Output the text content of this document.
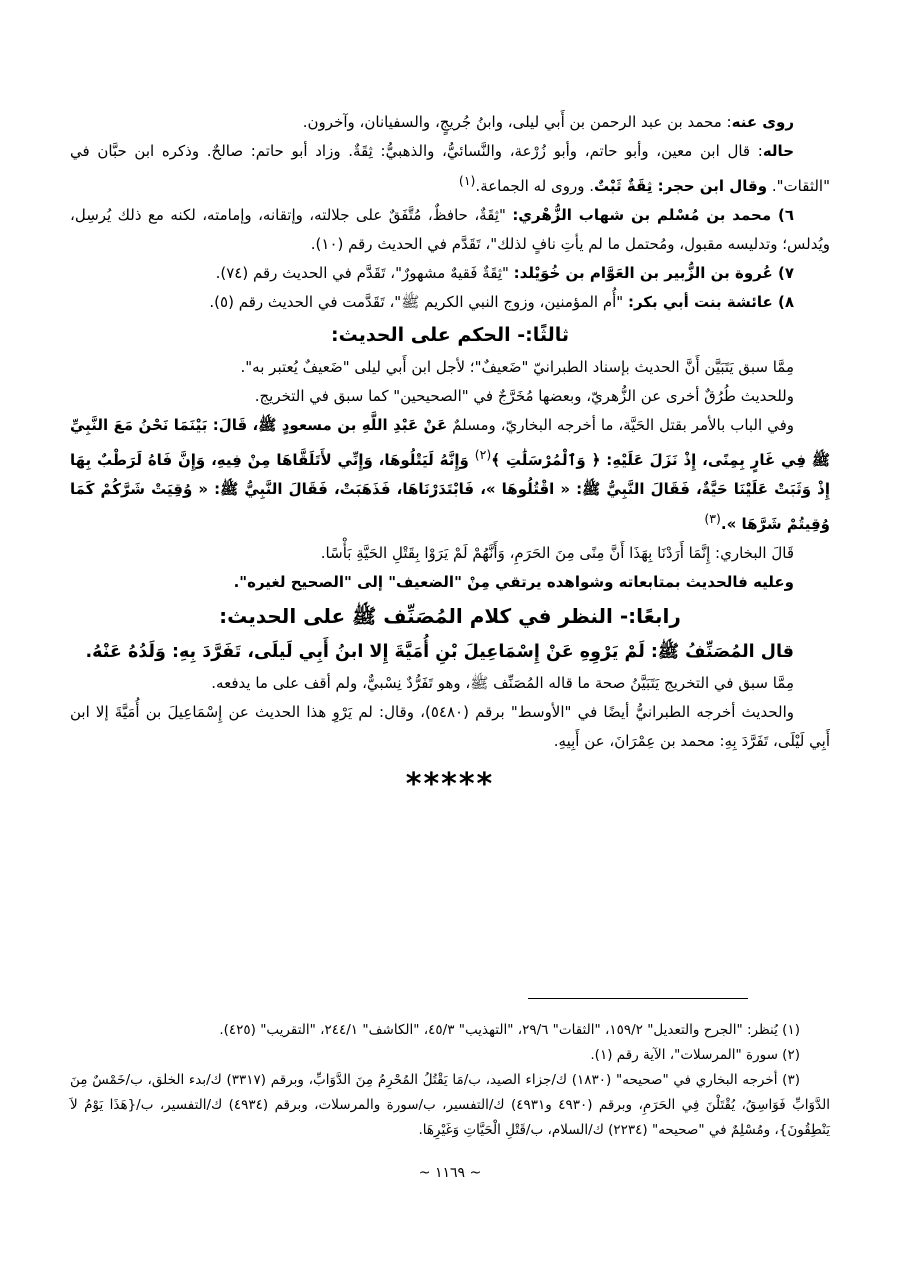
روى عنه: محمد بن عبد الرحمن بن أَبي ليلى، وابنُ جُريجٍ، والسفيانان، وآخرون.

حاله: قال ابن معين، وأبو حاتم، وأبو زُرْعة، والنَّسائيُّ، والذهبيُّ: ثِقَةٌ. وزاد أبو حاتم: صالحٌ. وذكره ابن حبَّان في "الثقات". وقال ابن حجر: ثِقَةٌ ثَبْتٌ. وروى له الجماعة.$^{(١)}$

٦) محمد بن مُسْلم بن شهاب الزُّهْري: "ثِقَةٌ، حافظٌ، مُتَّفَقٌ على جلالته، وإتقانه، وإمامته، لكنه مع ذلك يُرسِل، ويُدلس؛ وتدليسه مقبول، ومُحتمل ما لم يأتِ نافٍ لذلك"، تَقَدَّم في الحديث رقم (١٠).

٧) عُروة بن الزُّبير بن العَوَّام بن خُوَيْلد: "ثِقَةٌ فَقيهٌ مشهورٌ"، تَقَدَّم في الحديث رقم (٧٤).

٨) عائشة بنت أبي بكر: "أُم المؤمنين، وزوج النبي الكريم ﷺ"، تَقَدَّمت في الحديث رقم (٥).

ثالثًا:- الحكم على الحديث:

مِمَّا سبق يَتَبَيَّن أَنَّ الحديث بإسناد الطبرانيّ "ضَعيفٌ"؛ لأجل ابن أَبي ليلى "ضَعيفٌ يُعتبر به".

وللحديث طُرُقٌ أخرى عن الزُّهريّ، وبعضها مُخَرَّجٌ في "الصحيحين" كما سبق في التخريج.

وفي الباب بالأمر بقتل الحَيَّة، ما أخرجه البخاريّ، ومسلمٌ عَنْ عَبْدِ اللَّهِ بن مسعودٍ ﷺ، قَالَ: بَيْنَمَا نَحْنُ مَعَ النَّبِيِّ ﷺ فِي غَارٍ بِمِنًى، إِذْ نَزَلَ عَلَيْهِ: ﴿ وَٱلْمُرْسَلَٰتِ ﴾$^{(٢)}$ وَإِنَّهُ لَيَتْلُوهَا، وَإِنِّي لأَتَلَقَّاهَا مِنْ فِيهِ، وَإِنَّ فَاهُ لَرَطْبٌ بِهَا إِذْ وَثَبَتْ عَلَيْنَا حَيَّةٌ، فَقَالَ النَّبِيُّ ﷺ: « اقْتُلُوهَا »، فَابْتَدَرْنَاهَا، فَذَهَبَتْ، فَقَالَ النَّبِيُّ ﷺ: « وُقِيَتْ شَرَّكُمْ كَمَا وُقِيتُمْ شَرَّهَا ».$^{(٣)}$

قَالَ البخاري: إِنَّمَا أَرَدْنَا بِهَذَا أَنَّ مِنًى مِنَ الحَرَمِ، وَأَنَّهُمْ لَمْ يَرَوْا بِقَتْلِ الحَيَّةِ بَأْسًا.

وعليه فالحديث بمتابعاته وشواهده يرتقي مِنْ "الضعيف" إلى "الصحيح لغيره".

رابعًا:- النظر في كلام المُصَنِّف ﷺ على الحديث:

قال المُصَنِّفُ ﷺ: لَمْ يَرْوِهِ عَنْ إِسْمَاعِيلَ بْنِ أُمَيَّةَ إِلا ابنُ أَبِي لَيلَى، تَفَرَّدَ بِهِ: وَلَدُهُ عَنْهُ.

مِمَّا سبق في التخريج يَتَبَيَّنُ صحة ما قاله المُصَنِّف ﷺ، وهو تَفَرُّدٌ نِسْبيٌّ، ولم أقف على ما يدفعه.

والحديث أخرجه الطبرانيُّ أيضًا في "الأوسط" برقم (٥٤٨٠)، وقال: لم يَرْوِ هذا الحديث عن إِسْمَاعِيلَ بن أُمَيَّةَ إلا ابن أَبِي لَيْلَى، تَفَرَّدَ بِهِ: محمد بن عِمْرَانَ، عن أَبِيهِ.

*****

(١) يُنظر: "الجرح والتعديل" ١٥٩/٢، "الثقات" ٢٩/٦، "التهذيب" ٤٥/٣، "الكاشف" ٢٤٤/١، "التقريب" (٤٢٥).

(٢) سورة "المرسلات"، الآية رقم (١).

(٣) أخرجه البخاري في "صحيحه" (١٨٣٠) ك/جزاء الصيد، ب/مَا يَقْتُلُ المُحْرِمُ مِنَ الدَّوَابِّ، وبرقم (٣٣١٧) ك/بدء الخلق، ب/خَمْسٌ مِنَ الدَّوَابِّ فَوَاسِقُ، يُقْتَلْنَ فِي الحَرَمِ، وبرقم (٤٩٣٠ و٤٩٣١) ك/التفسير، ب/سورة والمرسلات، وبرقم (٤٩٣٤) ك/التفسير، ب/{هَذَا يَوْمُ لاَ يَنْطِقُونَ}، ومُسْلِمٌ في "صحيحه" (٢٢٣٤) ك/السلام، ب/قَتْلِ الْحَيَّاتِ وَغَيْرِهَا.

~ ١١٦٩ ~
